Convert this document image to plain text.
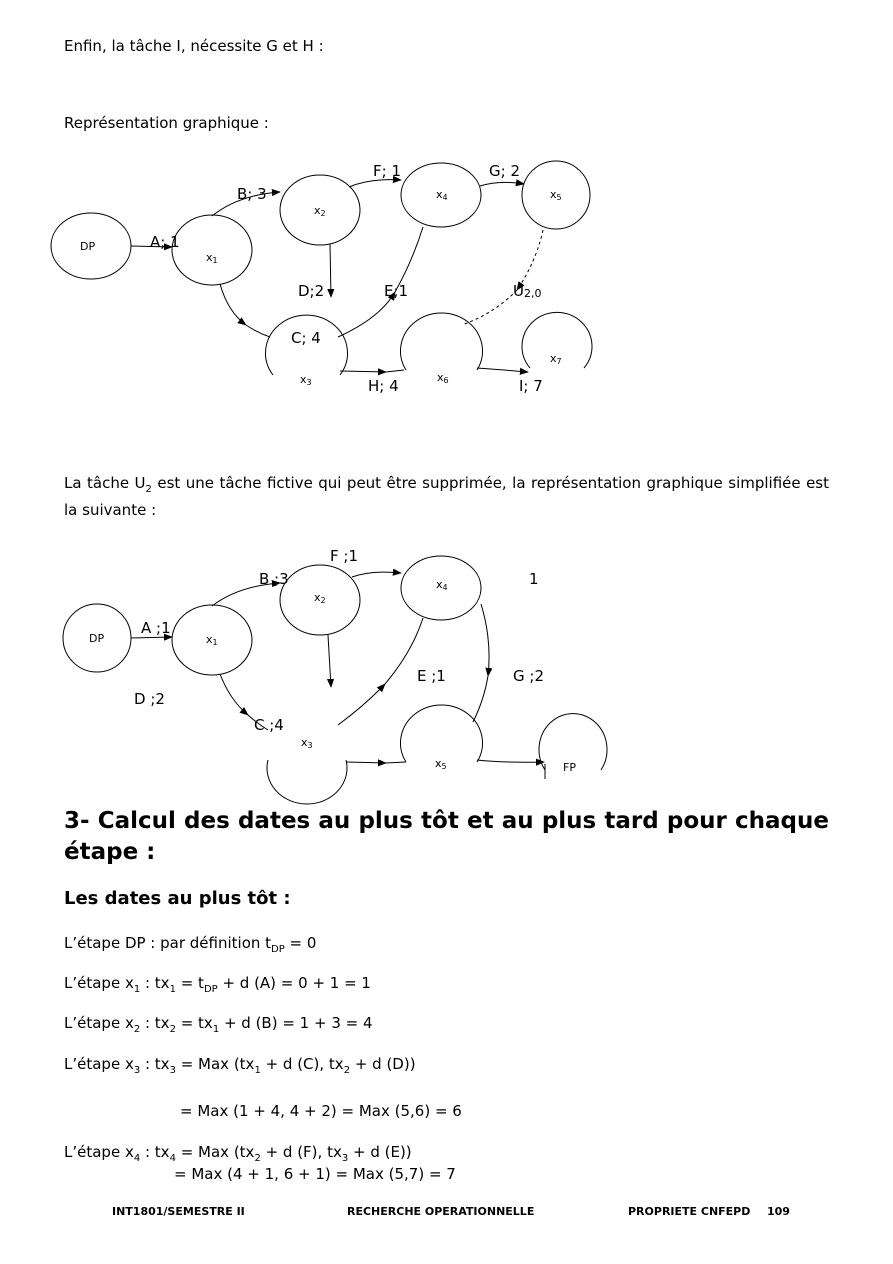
Enfin, la tâche I, nécessite G et H :

Représentation graphique :

DP
x1
x2
x3
x4	x5
x6
x7
A; 1
B; 3
C; 4
D;2	E;1
F; 1	G; 2
H; 4	I; 7
U2,0

La tâche $U_2$ est une tâche fictive qui peut être supprimée, la représentation graphique simplifiée est la suivante :

DP	x1
x2
x3
x4
x5	FP
A ;1
B ;3
C ;4
D ;2
E ;1
F ;1
G ;2
1
3- Calcul des dates au plus tôt et au plus tard pour chaque étape :
Les dates au plus tôt :

L’étape DP : par définition $t_{DP} = 0$

L’étape $x_1$ : $tx_1 = t_{DP} + d$ (A) = 0 + 1 = 1

L’étape $x_2$ : $tx_2 = tx_1 + d$ (B) = 1 + 3 = 4

L’étape $x_3$ : $tx_3$ = Max ($tx_1 + d$ (C), $tx_2 + d$ (D))

= Max (1 + 4, 4 + 2) = Max (5,6) = 6

L’étape $x_4$ : $tx_4$ = Max ($tx_2 + d$ (F), $tx_3 + d$ (E))

= Max (4 + 1, 6 + 1) = Max (5,7) = 7

INT1801/SEMESTRE II	RECHERCHE OPERATIONNELLE	PROPRIETE CNFEPD 109
